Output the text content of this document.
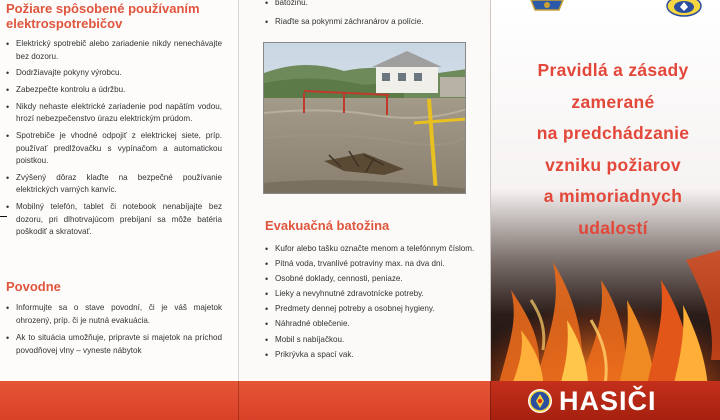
Požiare spôsobené používaním
elektrospotrebičov
• Elektrický spotrebič alebo zariadenie nikdy nenechávajte bez dozoru.
• Dodržiavajte pokyny výrobcu.
• Zabezpečte kontrolu a údržbu.
• Nikdy nehaste elektrické zariadenie pod napätím vodou, hrozí nebezpečenstvo úrazu elektrickým prúdom.
• Spotrebiče je vhodné odpojiť z elektrickej siete, príp. používať predlžovačku s vypínačom a automatickou poistkou.
• Zvýšený dôraz klaďte na bezpečné používanie elektrických varných kanvíc.
• Mobilný telefón, tablet či notebook nenabíjajte bez dozoru, pri dlhotrvajúcom prebíjaní sa môže batéria poškodiť a skratovať.
Povodne
• Informujte sa o stave povodní, či je váš majetok ohrozený, príp. či je nutná evakuácia.
• Ak to situácia umožňuje, pripravte si majetok na príchod povodňovej vlny – vyneste nábytok
• batožinu.
• Riaďte sa pokynmi záchranárov a polície.
Evakuačná batožina
• Kufor alebo tašku označte menom a telefónnym číslom.
• Pitná voda, trvanlivé potraviny max. na dva dni.
• Osobné doklady, cennosti, peniaze.
• Lieky a nevyhnutné zdravotnícke potreby.
• Predmety dennej potreby a osobnej hygieny.
• Náhradné oblečenie.
• Mobil s nabíjačkou.
• Prikrývka a spací vak.
Pravidlá a zásady
zamerané
na predchádzanie
vzniku požiarov
a mimoriadnych
udalostí
HASIČI
